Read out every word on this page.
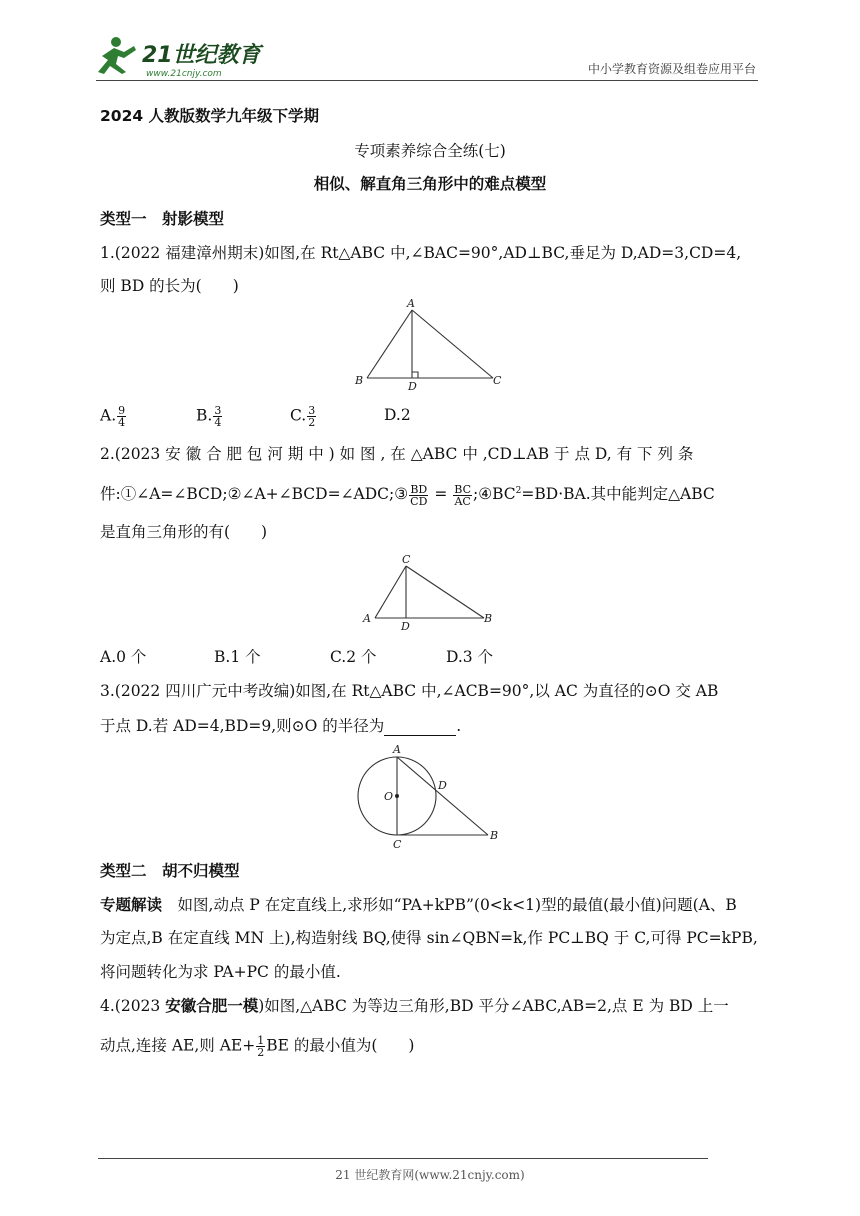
21世纪教育
www.21cnjy.com	中小学教育资源及组卷应用平台
2024 人教版数学九年级下学期
专项素养综合全练(七)
相似、解直角三角形中的难点模型
类型一　射影模型
1.(2022 福建漳州期末)如图,在 Rt△ABC 中,∠BAC=90°,AD⊥BC,垂足为 D,AD=3,CD=4,
则 BD 的长为(　　)
A
B	D	C
A. $\frac{9}{4}$	B. $\frac{3}{4}$	C. $\frac{3}{2}$	D.2
2.(2023 安 徽 合 肥 包 河 期 中 ) 如 图 , 在 △ABC 中 ,CD⊥AB 于 点 D, 有 下 列 条
件:①∠A=∠BCD;②∠A+∠BCD=∠ADC;③ $\frac{BD}{CD} = \frac{BC}{AC}$ $;④BC^2=BD\cdot BA$.其中能判定△ABC
是直角三角形的有(　　)
C
A
D
B
A.0 个	B.1 个	C.2 个	D.3 个
3.(2022 四川广元中考改编)如图,在 Rt△ABC 中,∠ACB=90°,以 AC 为直径的⊙O 交 AB
于点 D.若 AD=4,BD=9,则⊙O 的半径为	.
A
D
O
B
C
类型二　胡不归模型
专题解读　如图,动点 P 在定直线上,求形如“PA+kPB”(0<k<1)型的最值(最小值)问题(A、B
为定点,B 在定直线 MN 上),构造射线 BQ,使得 sin∠QBN=k,作 PC⊥BQ 于 C,可得 PC=kPB,
将问题转化为求 PA+PC 的最小值.
4.(2023 安徽合肥一模)如图,△ABC 为等边三角形,BD 平分∠ABC,AB=2,点 E 为 BD 上一
动点,连接 AE,则 $AE+ \frac{1}{2}$ BE 的最小值为(　　)
21 世纪教育网(www.21cnjy.com)
